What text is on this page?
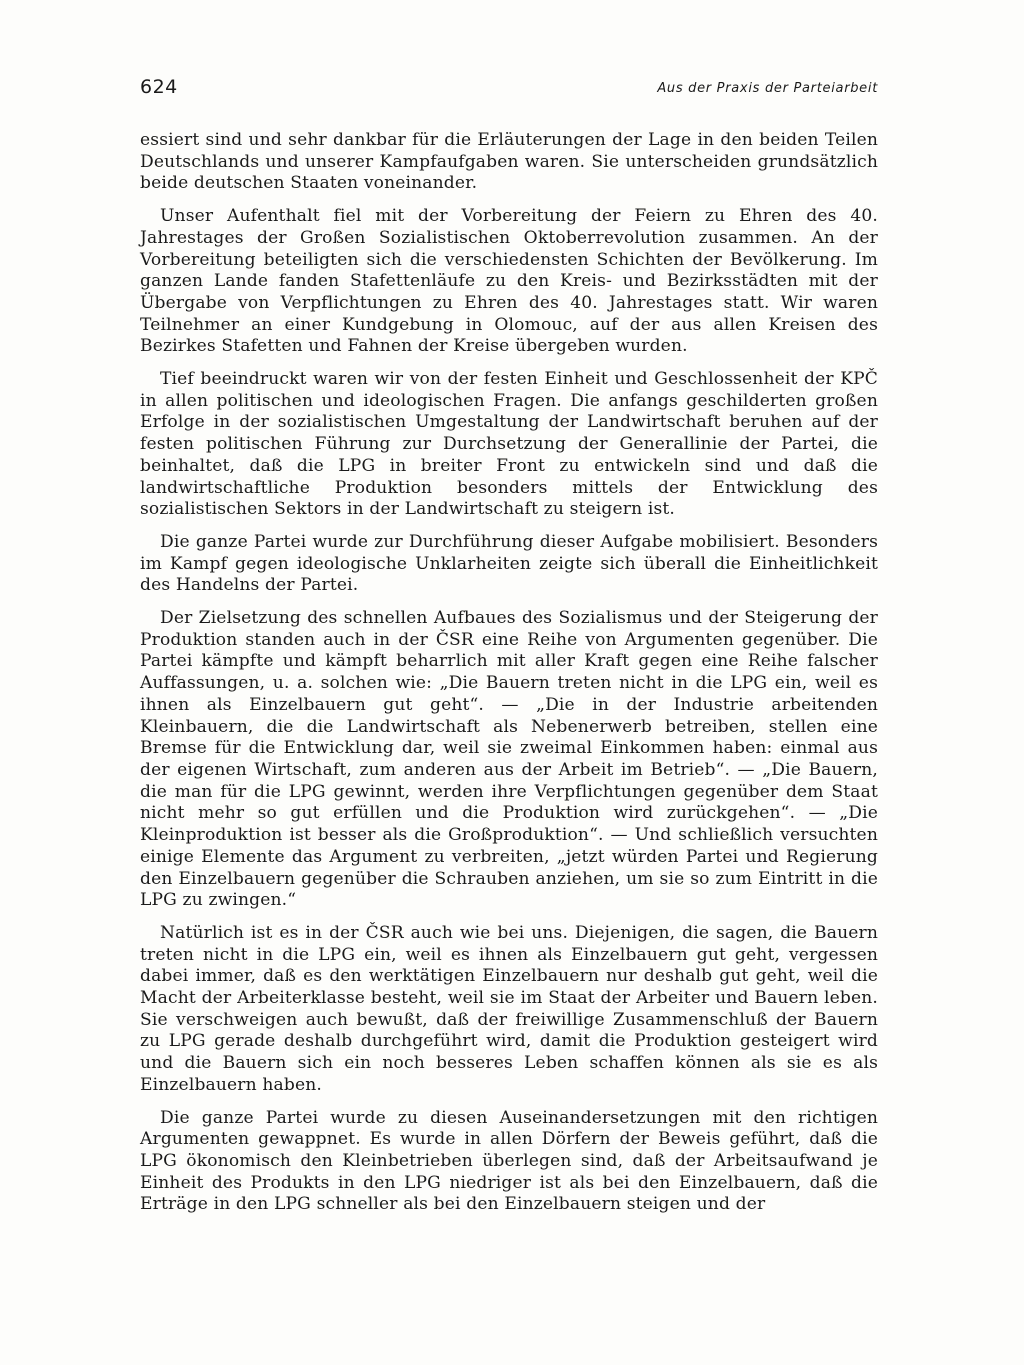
624	Aus der Praxis der Parteiarbeit

essiert sind und sehr dankbar für die Erläuterungen der Lage in den beiden Teilen Deutschlands und unserer Kampfaufgaben waren. Sie unterscheiden grundsätzlich beide deutschen Staaten voneinander.

Unser Aufenthalt fiel mit der Vorbereitung der Feiern zu Ehren des 40. Jahrestages der Großen Sozialistischen Oktoberrevolution zusammen. An der Vorbereitung beteiligten sich die verschiedensten Schichten der Bevölkerung. Im ganzen Lande fanden Stafettenläufe zu den Kreis- und Bezirksstädten mit der Übergabe von Verpflichtungen zu Ehren des 40. Jahrestages statt. Wir waren Teilnehmer an einer Kundgebung in Olomouc, auf der aus allen Kreisen des Bezirkes Stafetten und Fahnen der Kreise übergeben wurden.

Tief beeindruckt waren wir von der festen Einheit und Geschlossenheit der KPČ in allen politischen und ideologischen Fragen. Die anfangs geschilderten großen Erfolge in der sozialistischen Umgestaltung der Landwirtschaft beruhen auf der festen politischen Führung zur Durchsetzung der Generallinie der Partei, die beinhaltet, daß die LPG in breiter Front zu entwickeln sind und daß die landwirtschaftliche Produktion besonders mittels der Entwicklung des sozialistischen Sektors in der Landwirtschaft zu steigern ist.

Die ganze Partei wurde zur Durchführung dieser Aufgabe mobilisiert. Besonders im Kampf gegen ideologische Unklarheiten zeigte sich überall die Einheitlichkeit des Handelns der Partei.

Der Zielsetzung des schnellen Aufbaues des Sozialismus und der Steigerung der Produktion standen auch in der ČSR eine Reihe von Argumenten gegenüber. Die Partei kämpfte und kämpft beharrlich mit aller Kraft gegen eine Reihe falscher Auffassungen, u. a. solchen wie: „Die Bauern treten nicht in die LPG ein, weil es ihnen als Einzelbauern gut geht“. — „Die in der Industrie arbeitenden Kleinbauern, die die Landwirtschaft als Nebenerwerb betreiben, stellen eine Bremse für die Entwicklung dar, weil sie zweimal Einkommen haben: einmal aus der eigenen Wirtschaft, zum anderen aus der Arbeit im Betrieb“. — „Die Bauern, die man für die LPG gewinnt, werden ihre Verpflichtungen gegenüber dem Staat nicht mehr so gut erfüllen und die Produktion wird zurückgehen“. — „Die Kleinproduktion ist besser als die Großproduktion“. — Und schließlich versuchten einige Elemente das Argument zu verbreiten, „jetzt würden Partei und Regierung den Einzelbauern gegenüber die Schrauben anziehen, um sie so zum Eintritt in die LPG zu zwingen.“

Natürlich ist es in der ČSR auch wie bei uns. Diejenigen, die sagen, die Bauern treten nicht in die LPG ein, weil es ihnen als Einzelbauern gut geht, vergessen dabei immer, daß es den werktätigen Einzelbauern nur deshalb gut geht, weil die Macht der Arbeiterklasse besteht, weil sie im Staat der Arbeiter und Bauern leben. Sie verschweigen auch bewußt, daß der freiwillige Zusammenschluß der Bauern zu LPG gerade deshalb durchgeführt wird, damit die Produktion gesteigert wird und die Bauern sich ein noch besseres Leben schaffen können als sie es als Einzelbauern haben.

Die ganze Partei wurde zu diesen Auseinandersetzungen mit den richtigen Argumenten gewappnet. Es wurde in allen Dörfern der Beweis geführt, daß die LPG ökonomisch den Kleinbetrieben überlegen sind, daß der Arbeitsaufwand je Einheit des Produkts in den LPG niedriger ist als bei den Einzelbauern, daß die Erträge in den LPG schneller als bei den Einzelbauern steigen und der
